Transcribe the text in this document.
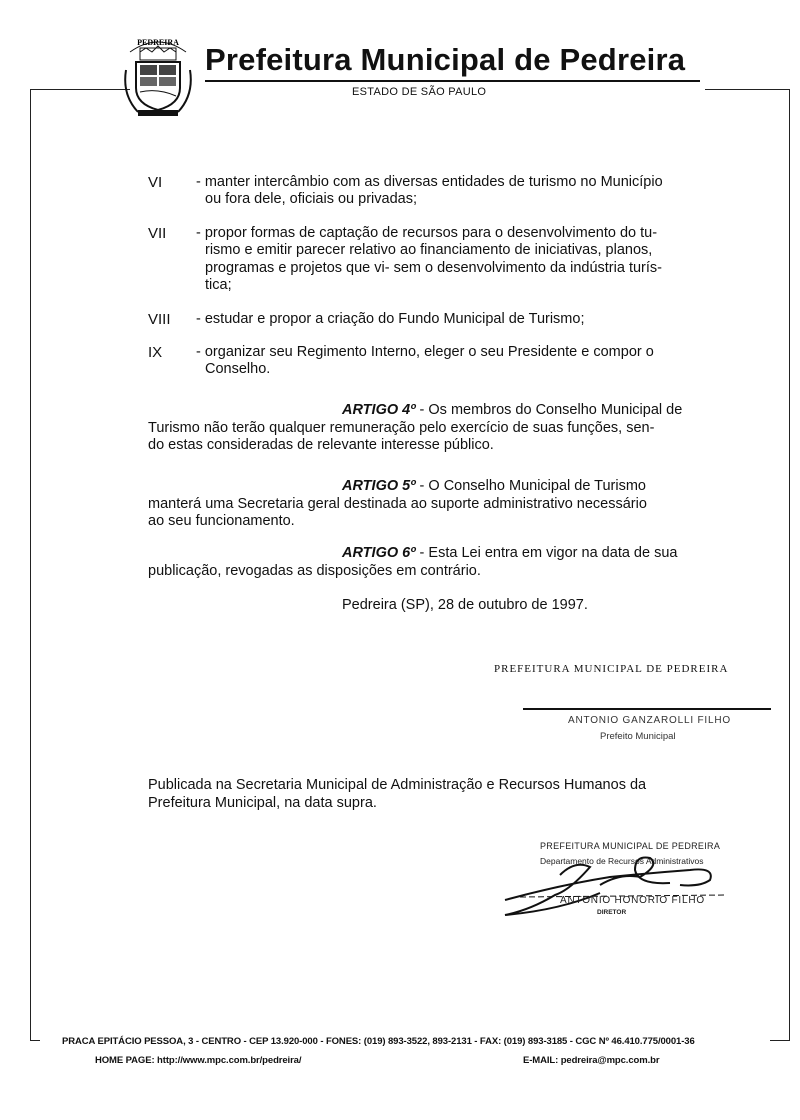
PEDREIRA Prefeitura Municipal de Pedreira
ESTADO DE SÃO PAULO
VI - manter intercâmbio com as diversas entidades de turismo no Município
ou fora dele, oficiais ou privadas;
VII - propor formas de captação de recursos para o desenvolvimento do tu-
rismo e emitir parecer relativo ao financiamento de iniciativas, planos,
programas e projetos que vi- sem o desenvolvimento da indústria turís-
tica;
VIII - estudar e propor a criação do Fundo Municipal de Turismo;
IX - organizar seu Regimento Interno, eleger o seu Presidente e compor o
Conselho.
ARTIGO 4º - Os membros do Conselho Municipal de
Turismo não terão qualquer remuneração pelo exercício de suas funções, sen-
do estas consideradas de relevante interesse público.
ARTIGO 5º - O Conselho Municipal de Turismo
manterá uma Secretaria geral destinada ao suporte administrativo necessário
ao seu funcionamento.
ARTIGO 6º - Esta Lei entra em vigor na data de sua
publicação, revogadas as disposições em contrário.
Pedreira (SP), 28 de outubro de 1997.
PREFEITURA MUNICIPAL DE PEDREIRA
ANTONIO GANZAROLLI FILHO
Prefeito Municipal
Publicada na Secretaria Municipal de Administração e Recursos Humanos da
Prefeitura Municipal, na data supra.
PREFEITURA MUNICIPAL DE PEDREIRA
Departamento de Recursos Administrativos
ANTONIO HONORIO FILHO
DIRETOR
PRACA EPITÁCIO PESSOA, 3 - CENTRO - CEP 13.920-000 - FONES: (019) 893-3522, 893-2131 - FAX: (019) 893-3185 - CGC Nº 46.410.775/0001-36
HOME PAGE: http://www.mpc.com.br/pedreira/	E-MAIL: pedreira@mpc.com.br
